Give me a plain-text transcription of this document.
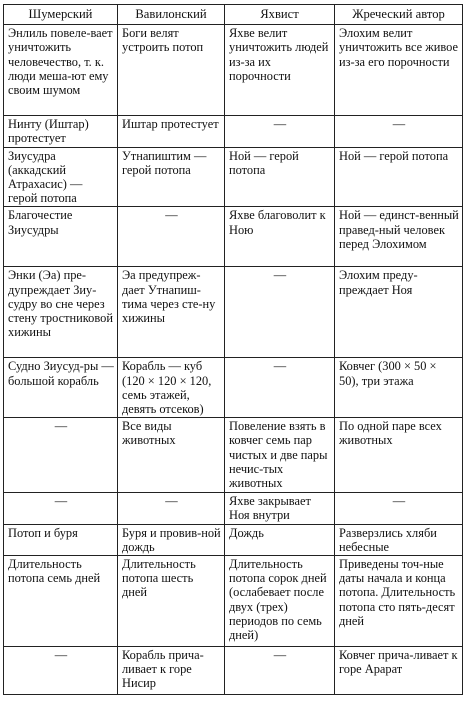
Шумерский	Вавилонский	Яхвист	Жреческий автор
Энлиль повеле-вает уничтожить человечество, т. к. люди меша-ют ему своим шумом	Боги велят устроить потоп	Яхве велит уничтожить людей из-за их порочности	Элохим велит уничтожить все живое из-за его порочности
Нинту (Иштар) протестует	Иштар протестует	—	—
Зиусудра (аккадский Атрахасис) — герой потопа	Утнапиштим — герой потопа	Ной — герой потопа	Ной — герой потопа
Благочестие Зиусудры	—	Яхве благоволит к Ною	Ной — единст-венный правед-ный человек перед Элохимом
Энки (Эа) пре-дупреждает Зиу-судру во сне через стену тростниковой хижины	Эа предупреж-дает Утнапиш-тима через сте-ну хижины	—	Элохим преду-преждает Ноя
Судно Зиусуд-ры — большой корабль	Корабль — куб (120 × 120 × 120, семь этажей, девять отсеков)	—	Ковчег (300 × 50 × 50), три этажа
—	Все виды животных	Повеление взять в ковчег семь пар чистых и две пары нечис-тых животных	По одной паре всех животных
—	—	Яхве закрывает Ноя внутри	—
Потоп и буря	Буря и провив-ной дождь	Дождь	Разверзлись хляби небесные
Длительность потопа семь дней	Длительность потопа шесть дней	Длительность потопа сорок дней (ослабевает после двух (трех) периодов по семь дней)	Приведены точ-ные даты начала и конца потопа. Длительность потопа сто пять-десят дней
—	Корабль прича-ливает к горе Нисир	—	Ковчег прича-ливает к горе Арарат
